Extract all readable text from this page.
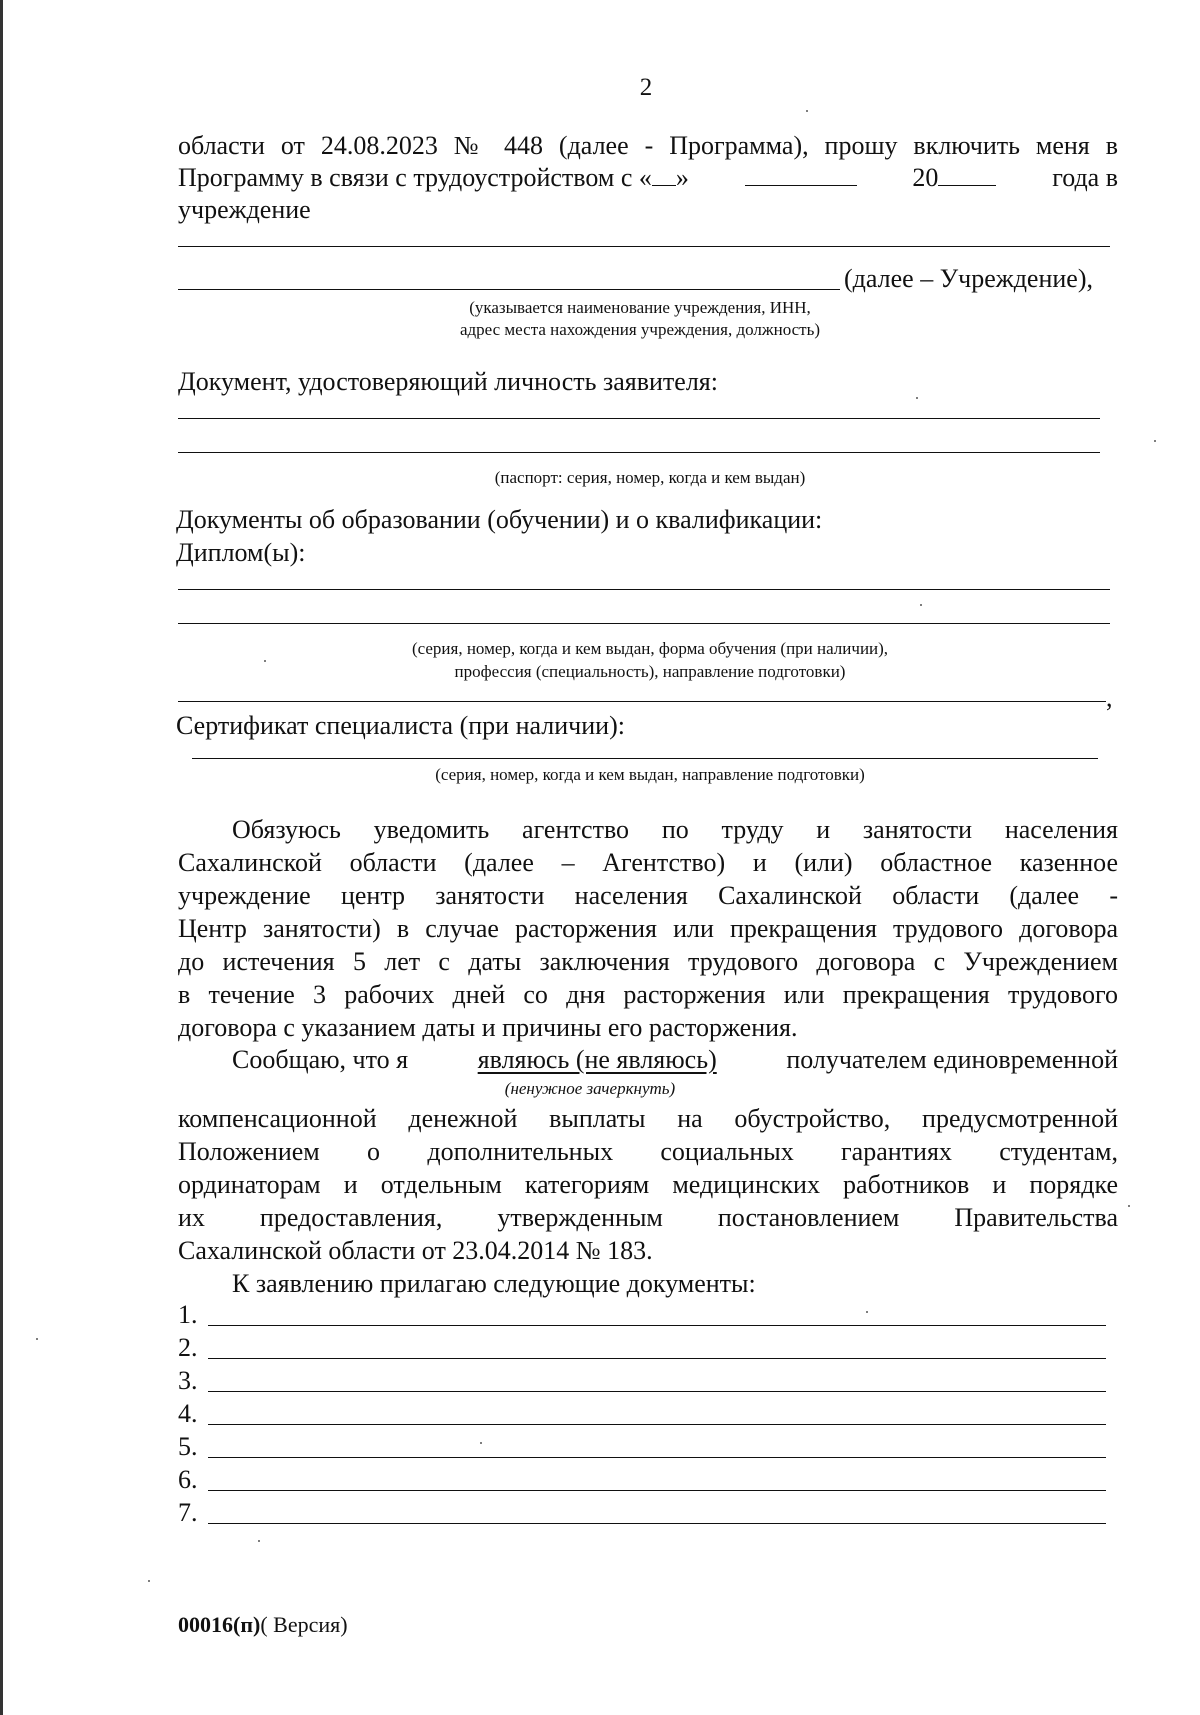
2
области от 24.08.2023 № 448 (далее - Программа), прошу включить меня в
Программу в связи с трудоустройством с « »	20	года в
учреждение
(далее – Учреждение),
(указывается наименование учреждения, ИНН,
адрес места нахождения учреждения, должность)
Документ, удостоверяющий личность заявителя:
(паспорт: серия, номер, когда и кем выдан)
Документы об образовании (обучении) и о квалификации:
Диплом(ы):
(серия, номер, когда и кем выдан, форма обучения (при наличии),
профессия (специальность), направление подготовки)
,
Сертификат специалиста (при наличии):
(серия, номер, когда и кем выдан, направление подготовки)
Обязуюсь уведомить агентство по труду и занятости населения
Сахалинской области (далее – Агентство) и (или) областное казенное
учреждение центр занятости населения Сахалинской области (далее -
Центр занятости) в случае расторжения или прекращения трудового договора
до истечения 5 лет с даты заключения трудового договора с Учреждением
в течение 3 рабочих дней со дня расторжения или прекращения трудового
договора с указанием даты и причины его расторжения.
Сообщаю, что я	являюсь (не являюсь)	получателем единовременной
(ненужное зачеркнуть)
компенсационной денежной выплаты на обустройство, предусмотренной
Положением о дополнительных социальных гарантиях студентам,
ординаторам и отдельным категориям медицинских работников и порядке
их предоставления, утвержденным постановлением Правительства
Сахалинской области от 23.04.2014 № 183.
К заявлению прилагаю следующие документы:
1.
2.
3.
4.
5.
6.
7.
00016(п)( Версия)
